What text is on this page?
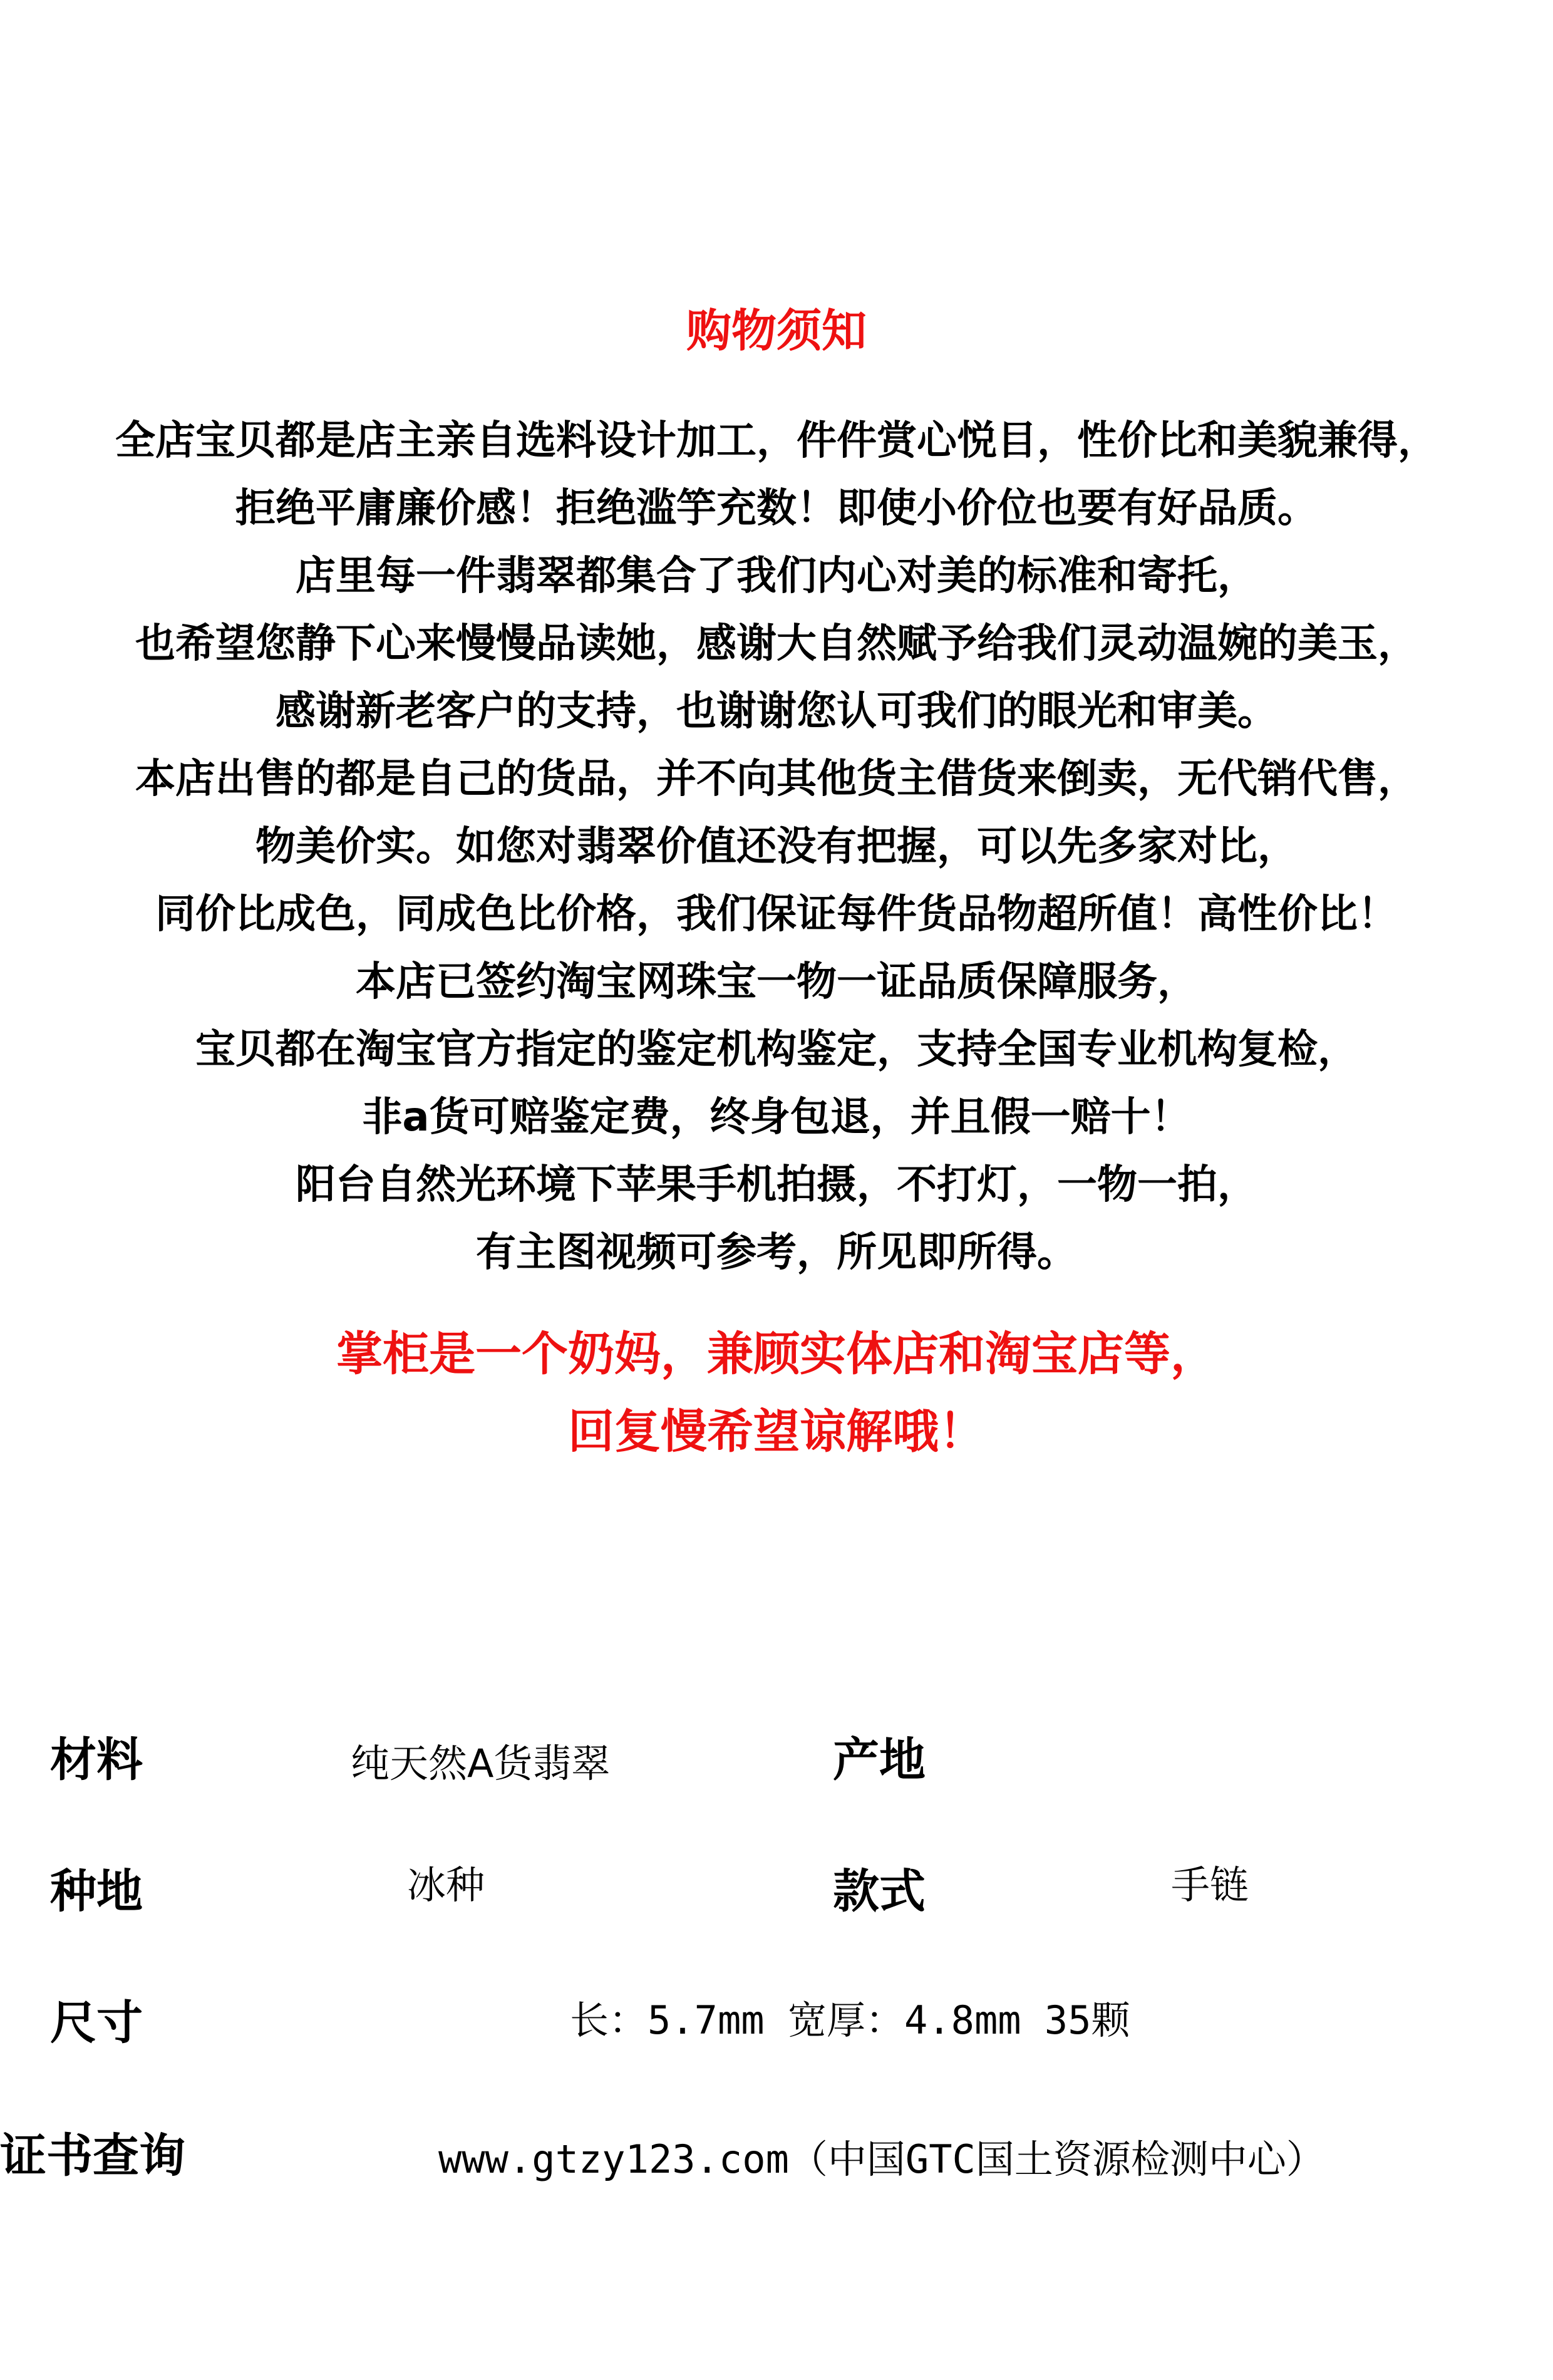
购物须知
全店宝贝都是店主亲自选料设计加工，件件赏心悦目，性价比和美貌兼得，
拒绝平庸廉价感！拒绝滥竽充数！即使小价位也要有好品质。
店里每一件翡翠都集合了我们内心对美的标准和寄托，
也希望您静下心来慢慢品读她，感谢大自然赋予给我们灵动温婉的美玉，
感谢新老客户的支持，也谢谢您认可我们的眼光和审美。
本店出售的都是自己的货品，并不向其他货主借货来倒卖，无代销代售，
物美价实。如您对翡翠价值还没有把握，可以先多家对比，
同价比成色，同成色比价格，我们保证每件货品物超所值！高性价比！
本店已签约淘宝网珠宝一物一证品质保障服务，
宝贝都在淘宝官方指定的鉴定机构鉴定，支持全国专业机构复检，
非a货可赔鉴定费，终身包退，并且假一赔十！
阳台自然光环境下苹果手机拍摄，不打灯，一物一拍，
有主图视频可参考，所见即所得。
掌柜是一个奶妈，兼顾实体店和淘宝店等，
回复慢希望谅解哦！
材料	纯天然A货翡翠	产地
种地	冰种	款式	手链
尺寸	长：5.7mm 宽厚：4.8mm 35颗
证书查询	www.gtzy123.com（中国GTC国土资源检测中心）
